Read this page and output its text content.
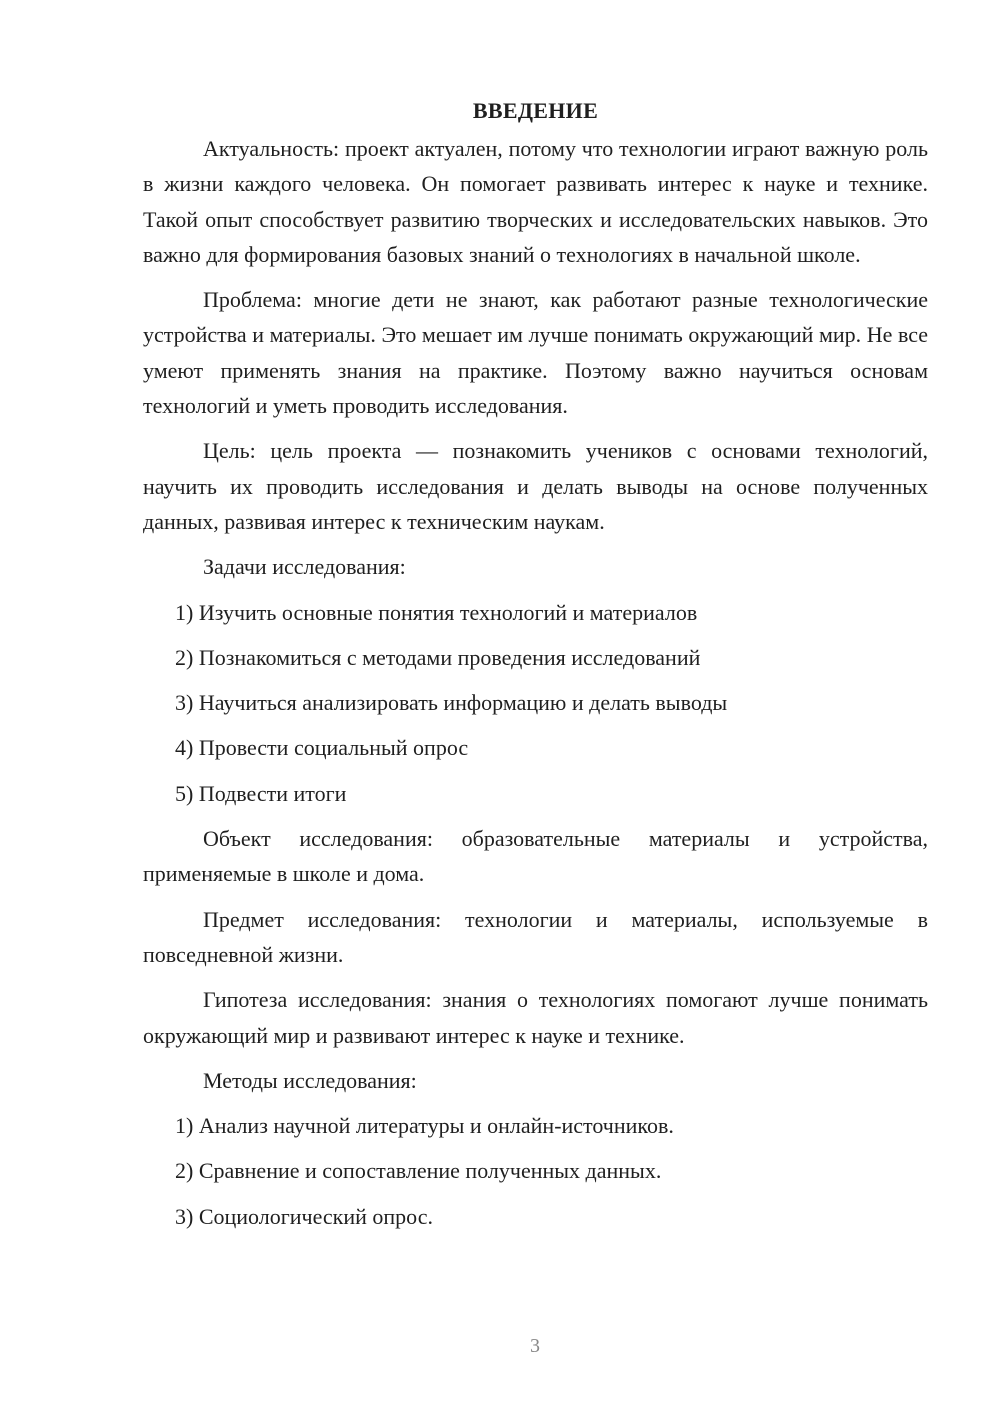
ВВЕДЕНИЕ

Актуальность: проект актуален, потому что технологии играют важную роль в жизни каждого человека. Он помогает развивать интерес к науке и технике. Такой опыт способствует развитию творческих и исследовательских навыков. Это важно для формирования базовых знаний о технологиях в начальной школе.

Проблема: многие дети не знают, как работают разные технологические устройства и материалы. Это мешает им лучше понимать окружающий мир. Не все умеют применять знания на практике. Поэтому важно научиться основам технологий и уметь проводить исследования.

Цель: цель проекта — познакомить учеников с основами технологий, научить их проводить исследования и делать выводы на основе полученных данных, развивая интерес к техническим наукам.

Задачи исследования:

1) Изучить основные понятия технологий и материалов
2) Познакомиться с методами проведения исследований
3) Научиться анализировать информацию и делать выводы
4) Провести социальный опрос
5) Подвести итоги

Объект исследования: образовательные материалы и устройства, применяемые в школе и дома.

Предмет исследования: технологии и материалы, используемые в повседневной жизни.

Гипотеза исследования: знания о технологиях помогают лучше понимать окружающий мир и развивают интерес к науке и технике.

Методы исследования:

1) Анализ научной литературы и онлайн-источников.
2) Сравнение и сопоставление полученных данных.
3) Социологический опрос.
3
